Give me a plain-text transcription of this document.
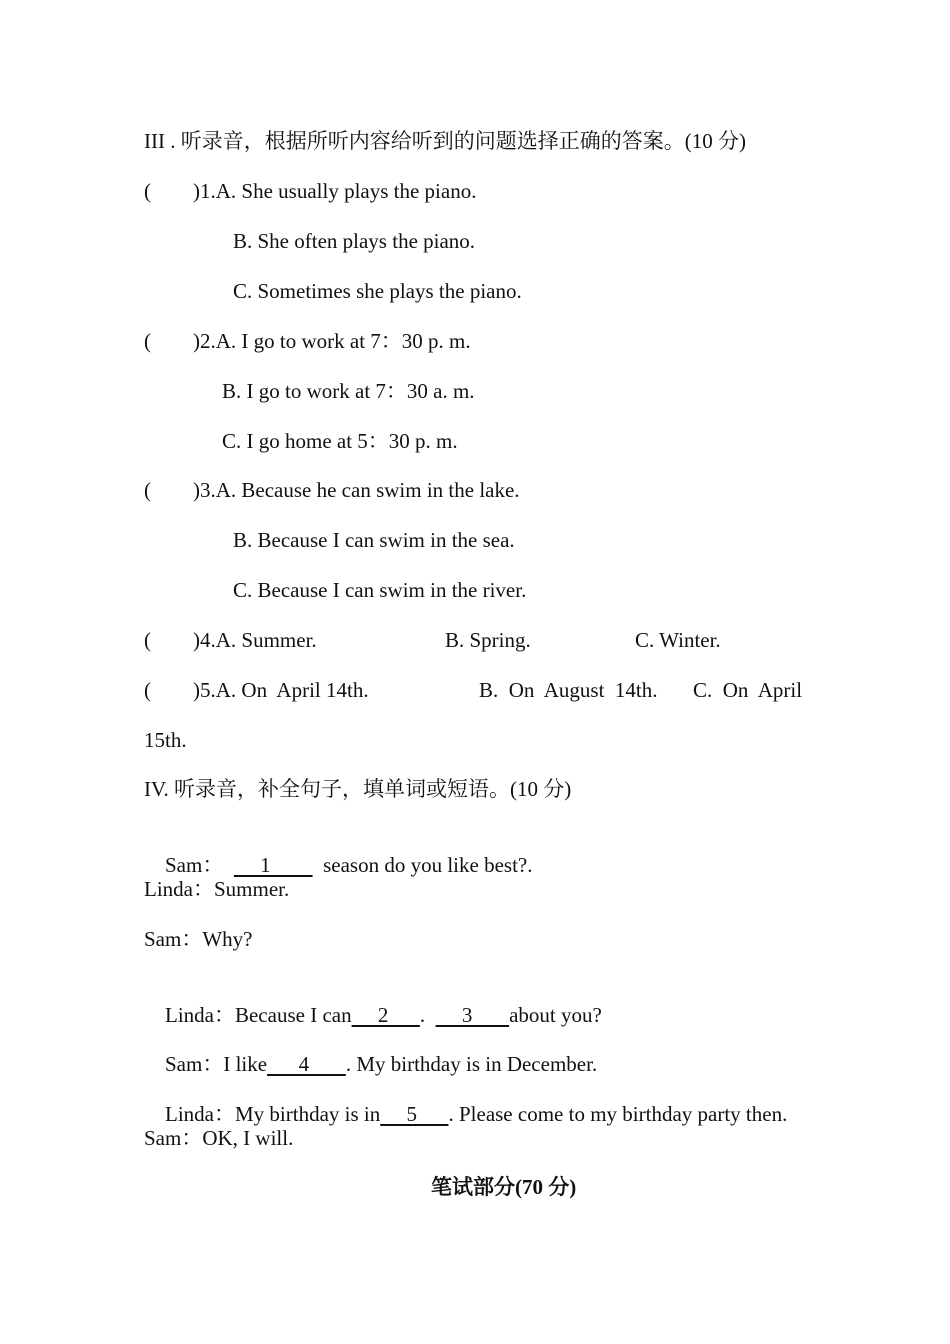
III . 听录音，根据所听内容给听到的问题选择正确的答案。(10 分)
(        )1.A. She usually plays the piano.
B. She often plays the piano.
C. Sometimes she plays the piano.
(        )2.A. I go to work at 7：30 p. m.
B. I go to work at 7：30 a. m.
C. I go home at 5：30 p. m.
(        )3.A. Because he can swim in the lake.
B. Because I can swim in the sea.
C. Because I can swim in the river.
(        )4.A. Summer.	B. Spring.	C. Winter.
(        )5.A. On  April 14th.	B.  On  August  14th. C.  On  April
15th.
IV. 听录音，补全句子，填单词或短语。(10 分)

Sam：       1          season do you like best?.

Linda：Summer.
Sam：Why?

Linda：Because I can     2      .       3       about you?

Sam：I like      4       . My birthday is in December.

Linda：My birthday is in     5      . Please come to my birthday party then.

Sam：OK, I will.
笔试部分(70 分)
